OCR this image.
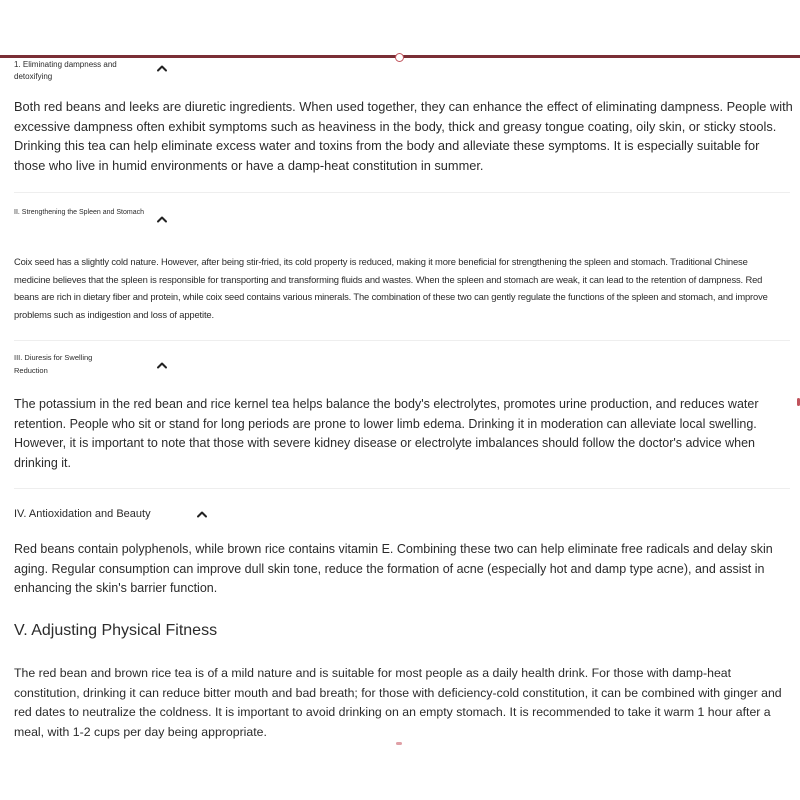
1. Eliminating dampness and detoxifying

Both red beans and leeks are diuretic ingredients. When used together, they can enhance the effect of eliminating dampness. People with excessive dampness often exhibit symptoms such as heaviness in the body, thick and greasy tongue coating, oily skin, or sticky stools. Drinking this tea can help eliminate excess water and toxins from the body and alleviate these symptoms. It is especially suitable for those who live in humid environments or have a damp-heat constitution in summer.

II. Strengthening the Spleen and Stomach

Coix seed has a slightly cold nature. However, after being stir-fried, its cold property is reduced, making it more beneficial for strengthening the spleen and stomach. Traditional Chinese medicine believes that the spleen is responsible for transporting and transforming fluids and wastes. When the spleen and stomach are weak, it can lead to the retention of dampness. Red beans are rich in dietary fiber and protein, while coix seed contains various minerals. The combination of these two can gently regulate the functions of the spleen and stomach, and improve problems such as indigestion and loss of appetite.

III. Diuresis for Swelling Reduction

The potassium in the red bean and rice kernel tea helps balance the body's electrolytes, promotes urine production, and reduces water retention. People who sit or stand for long periods are prone to lower limb edema. Drinking it in moderation can alleviate local swelling. However, it is important to note that those with severe kidney disease or electrolyte imbalances should follow the doctor's advice when drinking it.

IV. Antioxidation and Beauty

Red beans contain polyphenols, while brown rice contains vitamin E. Combining these two can help eliminate free radicals and delay skin aging. Regular consumption can improve dull skin tone, reduce the formation of acne (especially hot and damp type acne), and assist in enhancing the skin's barrier function.

V. Adjusting Physical Fitness

The red bean and brown rice tea is of a mild nature and is suitable for most people as a daily health drink. For those with damp-heat constitution, drinking it can reduce bitter mouth and bad breath; for those with deficiency-cold constitution, it can be combined with ginger and red dates to neutralize the coldness. It is important to avoid drinking on an empty stomach. It is recommended to take it warm 1 hour after a meal, with 1-2 cups per day being appropriate.
